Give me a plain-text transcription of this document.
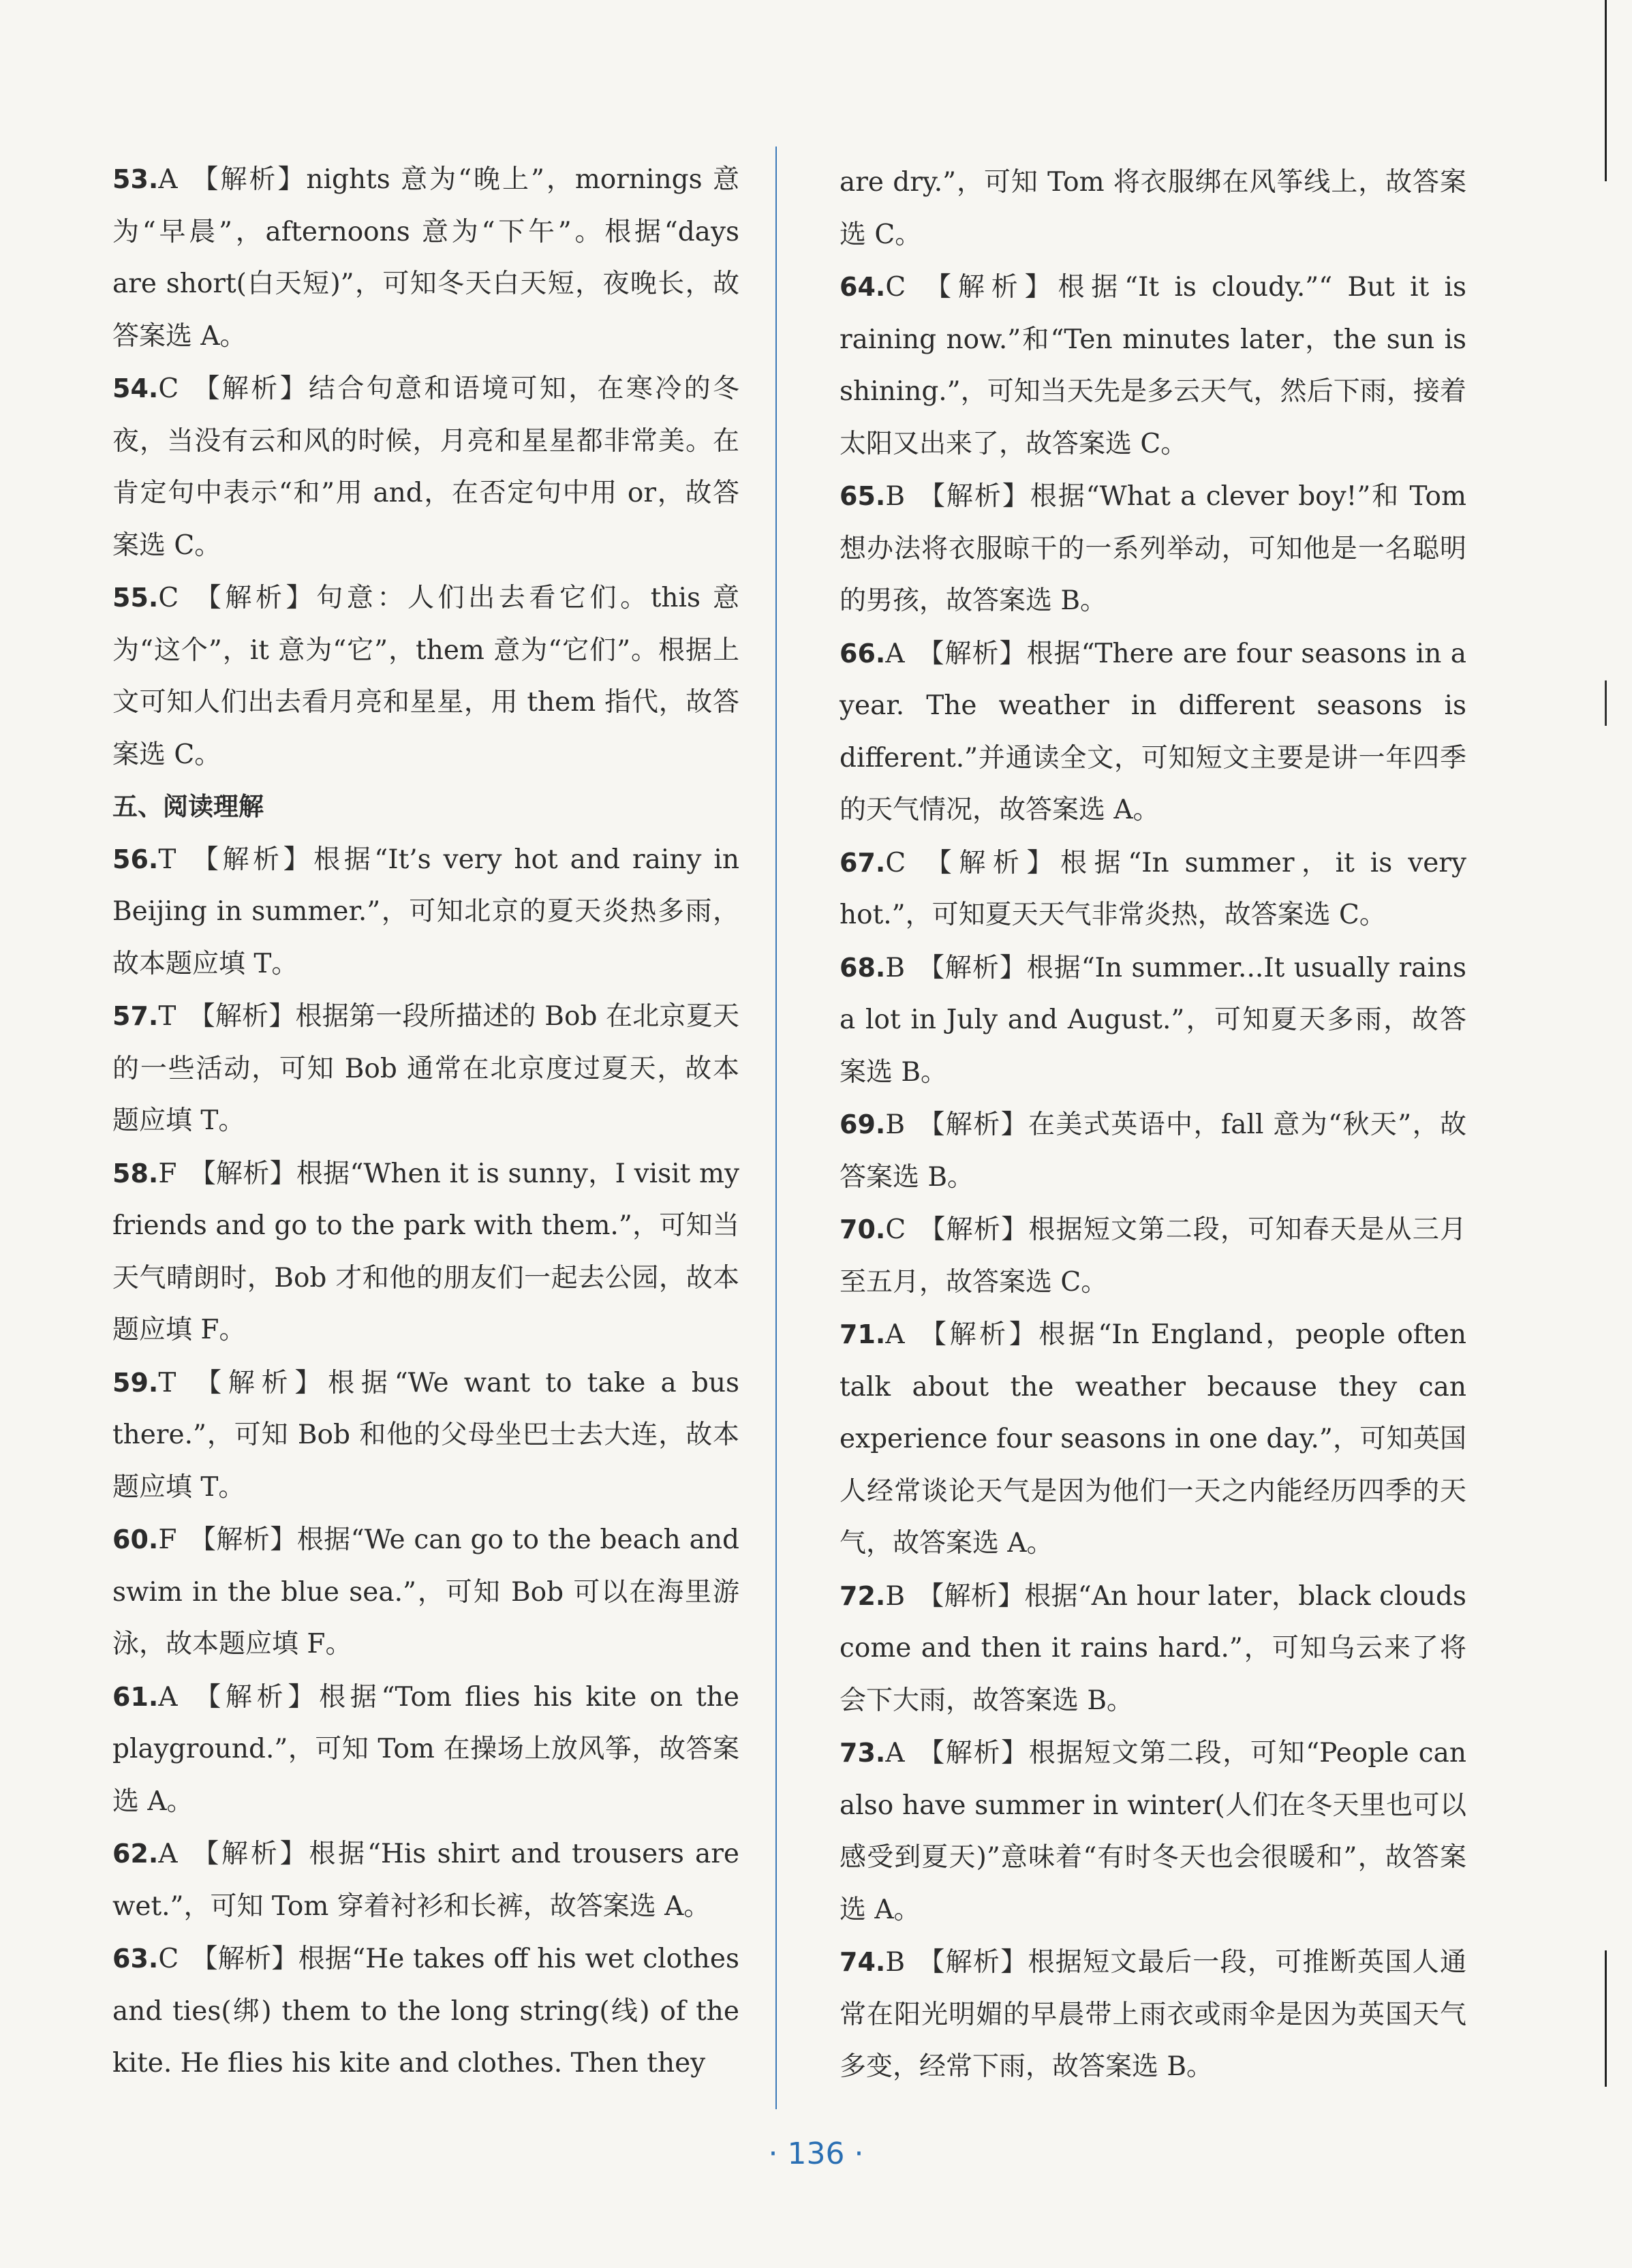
53.A 【解析】nights 意为“晚上”，mornings 意为“早晨”，afternoons 意为“下午”。根据“days are short(白天短)”，可知冬天白天短，夜晚长，故答案选 A。
54.C 【解析】结合句意和语境可知，在寒冷的冬夜，当没有云和风的时候，月亮和星星都非常美。在肯定句中表示“和”用 and，在否定句中用 or，故答案选 C。
55.C 【解析】句意：人们出去看它们。this 意为“这个”，it 意为“它”，them 意为“它们”。根据上文可知人们出去看月亮和星星，用 them 指代，故答案选 C。
五、阅读理解
56.T 【解析】根据“It’s very hot and rainy in Beijing in summer.”，可知北京的夏天炎热多雨，故本题应填 T。
57.T 【解析】根据第一段所描述的 Bob 在北京夏天的一些活动，可知 Bob 通常在北京度过夏天，故本题应填 T。
58.F 【解析】根据“When it is sunny，I visit my friends and go to the park with them.”，可知当天气晴朗时，Bob 才和他的朋友们一起去公园，故本题应填 F。
59.T 【解析】根据“We want to take a bus there.”，可知 Bob 和他的父母坐巴士去大连，故本题应填 T。
60.F 【解析】根据“We can go to the beach and swim in the blue sea.”，可知 Bob 可以在海里游泳，故本题应填 F。
61.A 【解析】根据“Tom flies his kite on the playground.”，可知 Tom 在操场上放风筝，故答案选 A。
62.A 【解析】根据“His shirt and trousers are wet.”，可知 Tom 穿着衬衫和长裤，故答案选 A。
63.C 【解析】根据“He takes off his wet clothes and ties(绑) them to the long string(线) of the kite. He flies his kite and clothes. Then they
are dry.”，可知 Tom 将衣服绑在风筝线上，故答案选 C。
64.C 【解析】根据“It is cloudy.”“ But it is raining now.”和“Ten minutes later，the sun is shining.”，可知当天先是多云天气，然后下雨，接着太阳又出来了，故答案选 C。
65.B 【解析】根据“What a clever boy!”和 Tom 想办法将衣服晾干的一系列举动，可知他是一名聪明的男孩，故答案选 B。
66.A 【解析】根据“There are four seasons in a year. The weather in different seasons is different.”并通读全文，可知短文主要是讲一年四季的天气情况，故答案选 A。
67.C 【解析】根据“In summer，it is very hot.”，可知夏天天气非常炎热，故答案选 C。
68.B 【解析】根据“In summer...It usually rains a lot in July and August.”，可知夏天多雨，故答案选 B。
69.B 【解析】在美式英语中，fall 意为“秋天”，故答案选 B。
70.C 【解析】根据短文第二段，可知春天是从三月至五月，故答案选 C。
71.A 【解析】根据“In England，people often talk about the weather because they can experience four seasons in one day.”，可知英国人经常谈论天气是因为他们一天之内能经历四季的天气，故答案选 A。
72.B 【解析】根据“An hour later，black clouds come and then it rains hard.”，可知乌云来了将会下大雨，故答案选 B。
73.A 【解析】根据短文第二段，可知“People can also have summer in winter(人们在冬天里也可以感受到夏天)”意味着“有时冬天也会很暖和”，故答案选 A。
74.B 【解析】根据短文最后一段，可推断英国人通常在阳光明媚的早晨带上雨衣或雨伞是因为英国天气多变，经常下雨，故答案选 B。
· 136 ·
